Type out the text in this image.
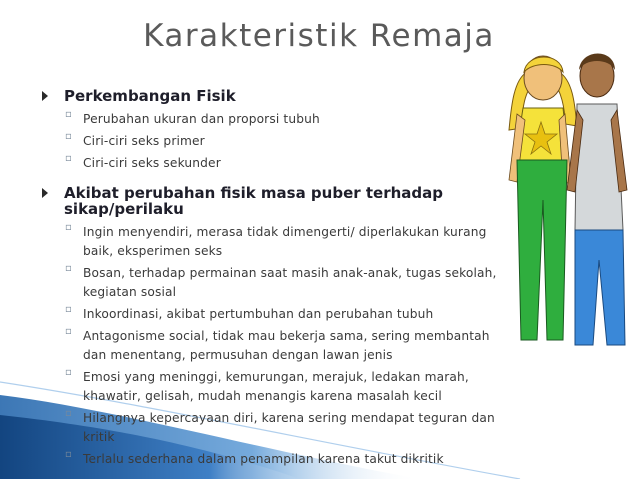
Karakteristik Remaja
Perkembangan Fisik
▫ Perubahan ukuran dan proporsi tubuh
▫ Ciri-ciri seks primer
▫ Ciri-ciri seks sekunder
Akibat perubahan fisik masa puber terhadap sikap/perilaku
▫ Ingin menyendiri, merasa tidak dimengerti/ diperlakukan kurang baik, eksperimen seks
▫ Bosan, terhadap permainan saat masih anak-anak, tugas sekolah, kegiatan sosial
▫ Inkoordinasi, akibat pertumbuhan dan perubahan tubuh
▫ Antagonisme social, tidak mau bekerja sama, sering membantah dan menentang, permusuhan dengan lawan jenis
▫ Emosi yang meninggi, kemurungan, merajuk, ledakan marah, khawatir, gelisah, mudah menangis karena masalah kecil
▫ Hilangnya kepercayaan diri, karena sering mendapat teguran dan kritik
▫ Terlalu sederhana dalam penampilan karena takut dikritik
